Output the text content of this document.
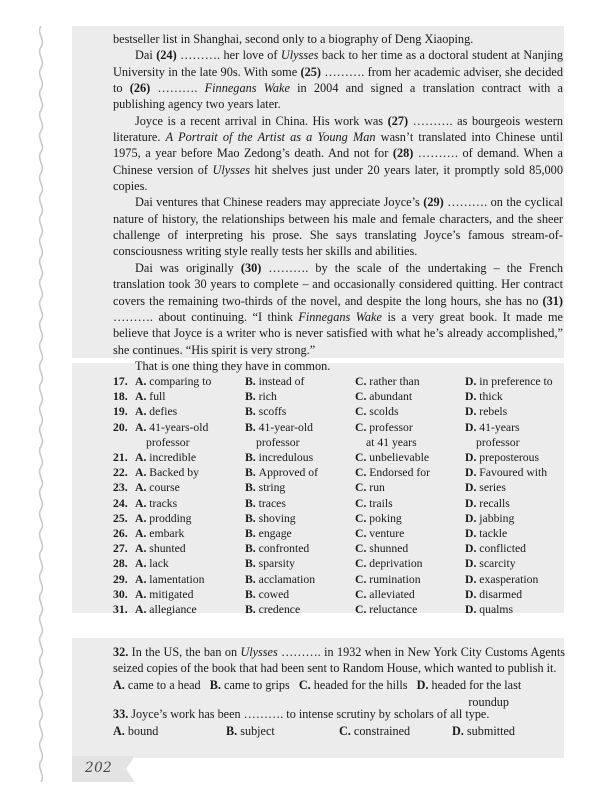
bestseller list in Shanghai, second only to a biography of Deng Xiaoping.

Dai (24) ………. her love of Ulysses back to her time as a doctoral student at Nanjing University in the late 90s. With some (25) ………. from her academic adviser, she decided to (26) ………. Finnegans Wake in 2004 and signed a translation contract with a publishing agency two years later.

Joyce is a recent arrival in China. His work was (27) ………. as bourgeois western literature. A Portrait of the Artist as a Young Man wasn’t translated into Chinese until 1975, a year before Mao Zedong’s death. And not for (28) ………. of demand. When a Chinese version of Ulysses hit shelves just under 20 years later, it promptly sold 85,000 copies.

Dai ventures that Chinese readers may appreciate Joyce’s (29) ………. on the cyclical nature of history, the relationships between his male and female characters, and the sheer challenge of interpreting his prose. She says translating Joyce’s famous stream-of-consciousness writing style really tests her skills and abilities.

Dai was originally (30) ………. by the scale of the undertaking – the French translation took 30 years to complete – and occasionally considered quitting. Her contract covers the remaining two-thirds of the novel, and despite the long hours, she has no (31) ………. about continuing. “I think Finnegans Wake is a very great book. It made me believe that Joyce is a writer who is never satisfied with what he’s already accomplished,” she continues. “His spirit is very strong.”

That is one thing they have in common.

17. A. comparing to	B. instead of	C. rather than	D. in preference to
18. A. full	B. rich	C. abundant	D. thick
19. A. defies	B. scoffs	C. scolds	D. rebels
20. A. 41-years-old
professor
B. 41-year-old
professor
C. professor
at 41 years
D. 41-years
professor
21. A. incredible	B. incredulous	C. unbelievable	D. preposterous
22. A. Backed by	B. Approved of	C. Endorsed for	D. Favoured with
23. A. course	B. string	C. run	D. series
24. A. tracks	B. traces	C. trails	D. recalls
25. A. prodding	B. shoving	C. poking	D. jabbing
26. A. embark	B. engage	C. venture	D. tackle
27. A. shunted	B. confronted	C. shunned	D. conflicted
28. A. lack	B. sparsity	C. deprivation	D. scarcity
29. A. lamentation	B. acclamation	C. rumination	D. exasperation
30. A. mitigated	B. cowed	C. alleviated	D. disarmed
31. A. allegiance	B. credence	C. reluctance	D. qualms
32. In the US, the ban on Ulysses ………. in 1932 when in New York City Customs Agents seized copies of the book that had been sent to Random House, which wanted to publish it.
A. came to a head B. came to grips C. headed for the hills D. headed for the last
roundup
33. Joyce’s work has been ………. to intense scrutiny by scholars of all type.
A. bound	B. subject	C. constrained	D. submitted
202
